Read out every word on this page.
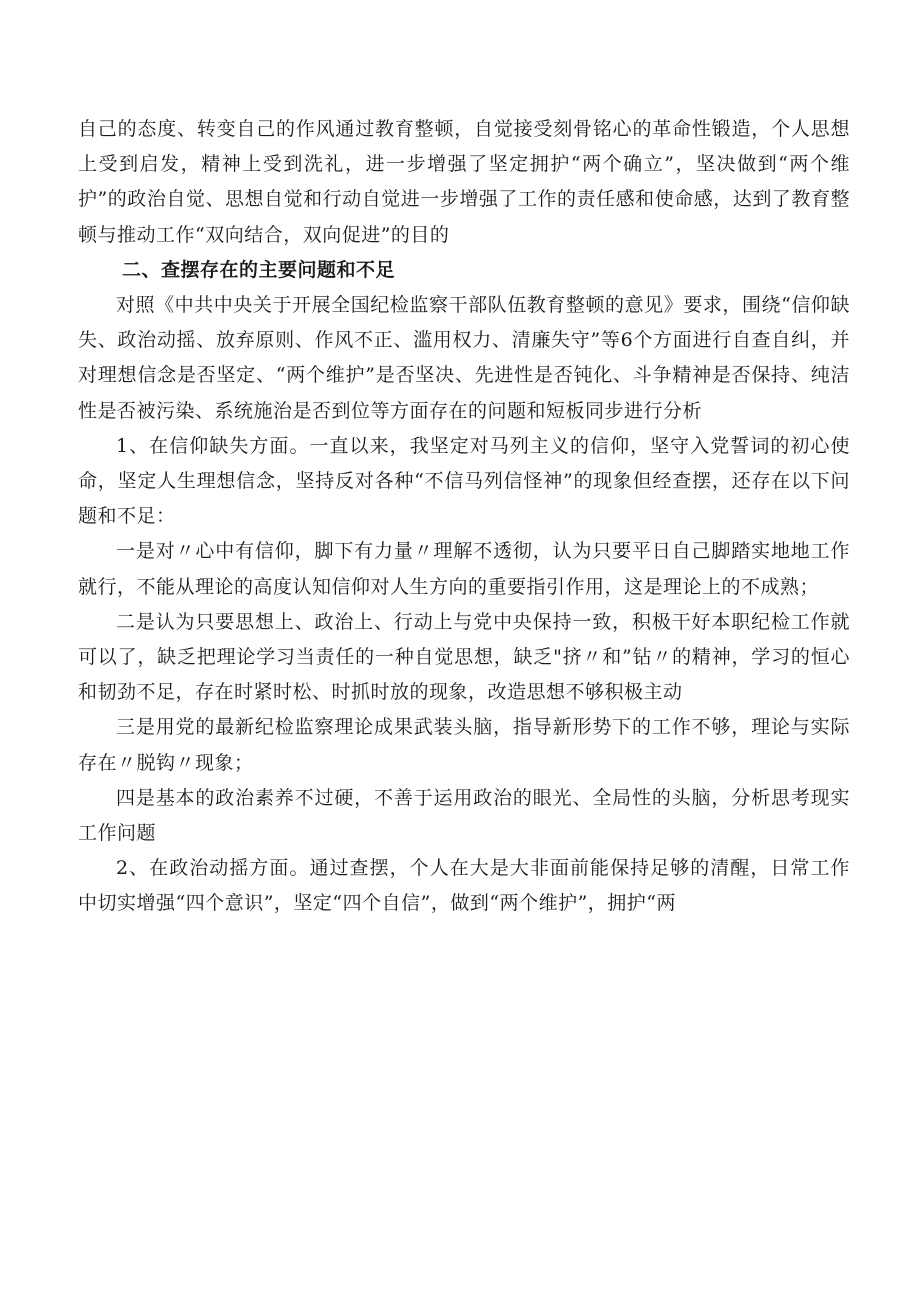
自己的态度、转变自己的作风通过教育整顿，自觉接受刻骨铭心的革命性锻造，个人思想上受到启发，精神上受到洗礼，进一步增强了坚定拥护“两个确立”，坚决做到“两个维护”的政治自觉、思想自觉和行动自觉进一步增强了工作的责任感和使命感，达到了教育整顿与推动工作“双向结合，双向促进”的目的

二、查摆存在的主要问题和不足

对照《中共中央关于开展全国纪检监察干部队伍教育整顿的意见》要求，围绕“信仰缺失、政治动摇、放弃原则、作风不正、滥用权力、清廉失守”等6个方面进行自查自纠，并对理想信念是否坚定、“两个维护”是否坚决、先进性是否钝化、斗争精神是否保持、纯洁性是否被污染、系统施治是否到位等方面存在的问题和短板同步进行分析

1、在信仰缺失方面。一直以来，我坚定对马列主义的信仰，坚守入党誓词的初心使命，坚定人生理想信念，坚持反对各种“不信马列信怪神”的现象但经查摆，还存在以下问题和不足：

一是对〃心中有信仰，脚下有力量〃理解不透彻，认为只要平日自己脚踏实地地工作就行，不能从理论的高度认知信仰对人生方向的重要指引作用，这是理论上的不成熟；

二是认为只要思想上、政治上、行动上与党中央保持一致，积极干好本职纪检工作就可以了，缺乏把理论学习当责任的一种自觉思想，缺乏"挤〃和”钻〃的精神，学习的恒心和韧劲不足，存在时紧时松、时抓时放的现象，改造思想不够积极主动

三是用党的最新纪检监察理论成果武装头脑，指导新形势下的工作不够，理论与实际存在〃脱钩〃现象；

四是基本的政治素养不过硬，不善于运用政治的眼光、全局性的头脑，分析思考现实工作问题

2、在政治动摇方面。通过查摆，个人在大是大非面前能保持足够的清醒，日常工作中切实增强“四个意识”，坚定“四个自信”，做到“两个维护”，拥护“两
